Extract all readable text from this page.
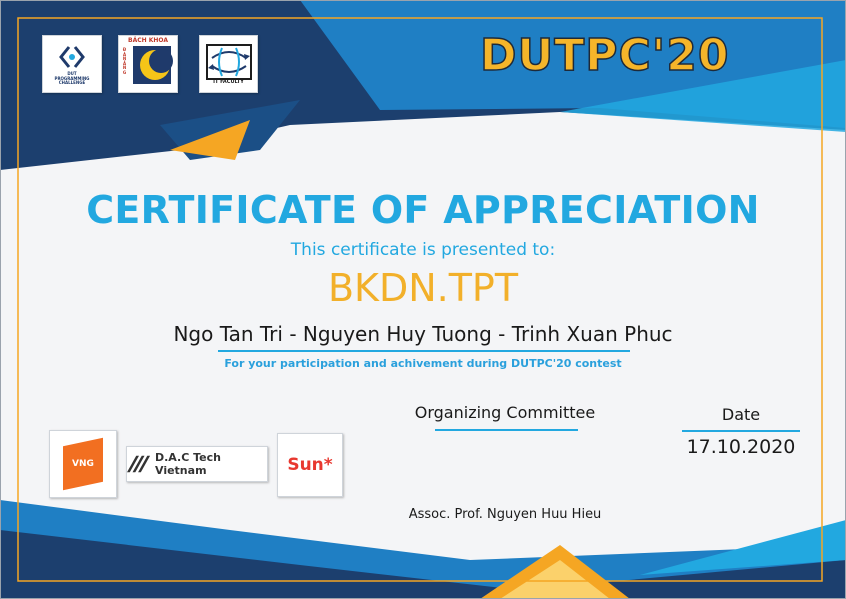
DUT
PROGRAMMING
CHALLENGE
BÁCH KHOA
ĐÀ NẴNG
IT FACULTY
DUTPC'20
CERTIFICATE OF APPRECIATION
This certificate is presented to:
BKDN.TPT
Ngo Tan Tri - Nguyen Huy Tuong - Trinh Xuan Phuc
For your participation and achivement during DUTPC'20 contest
Organizing Committee	Date
17.10.2020
Assoc. Prof. Nguyen Huu Hieu
VNG
D.A.C Tech Vietnam	Sun*
